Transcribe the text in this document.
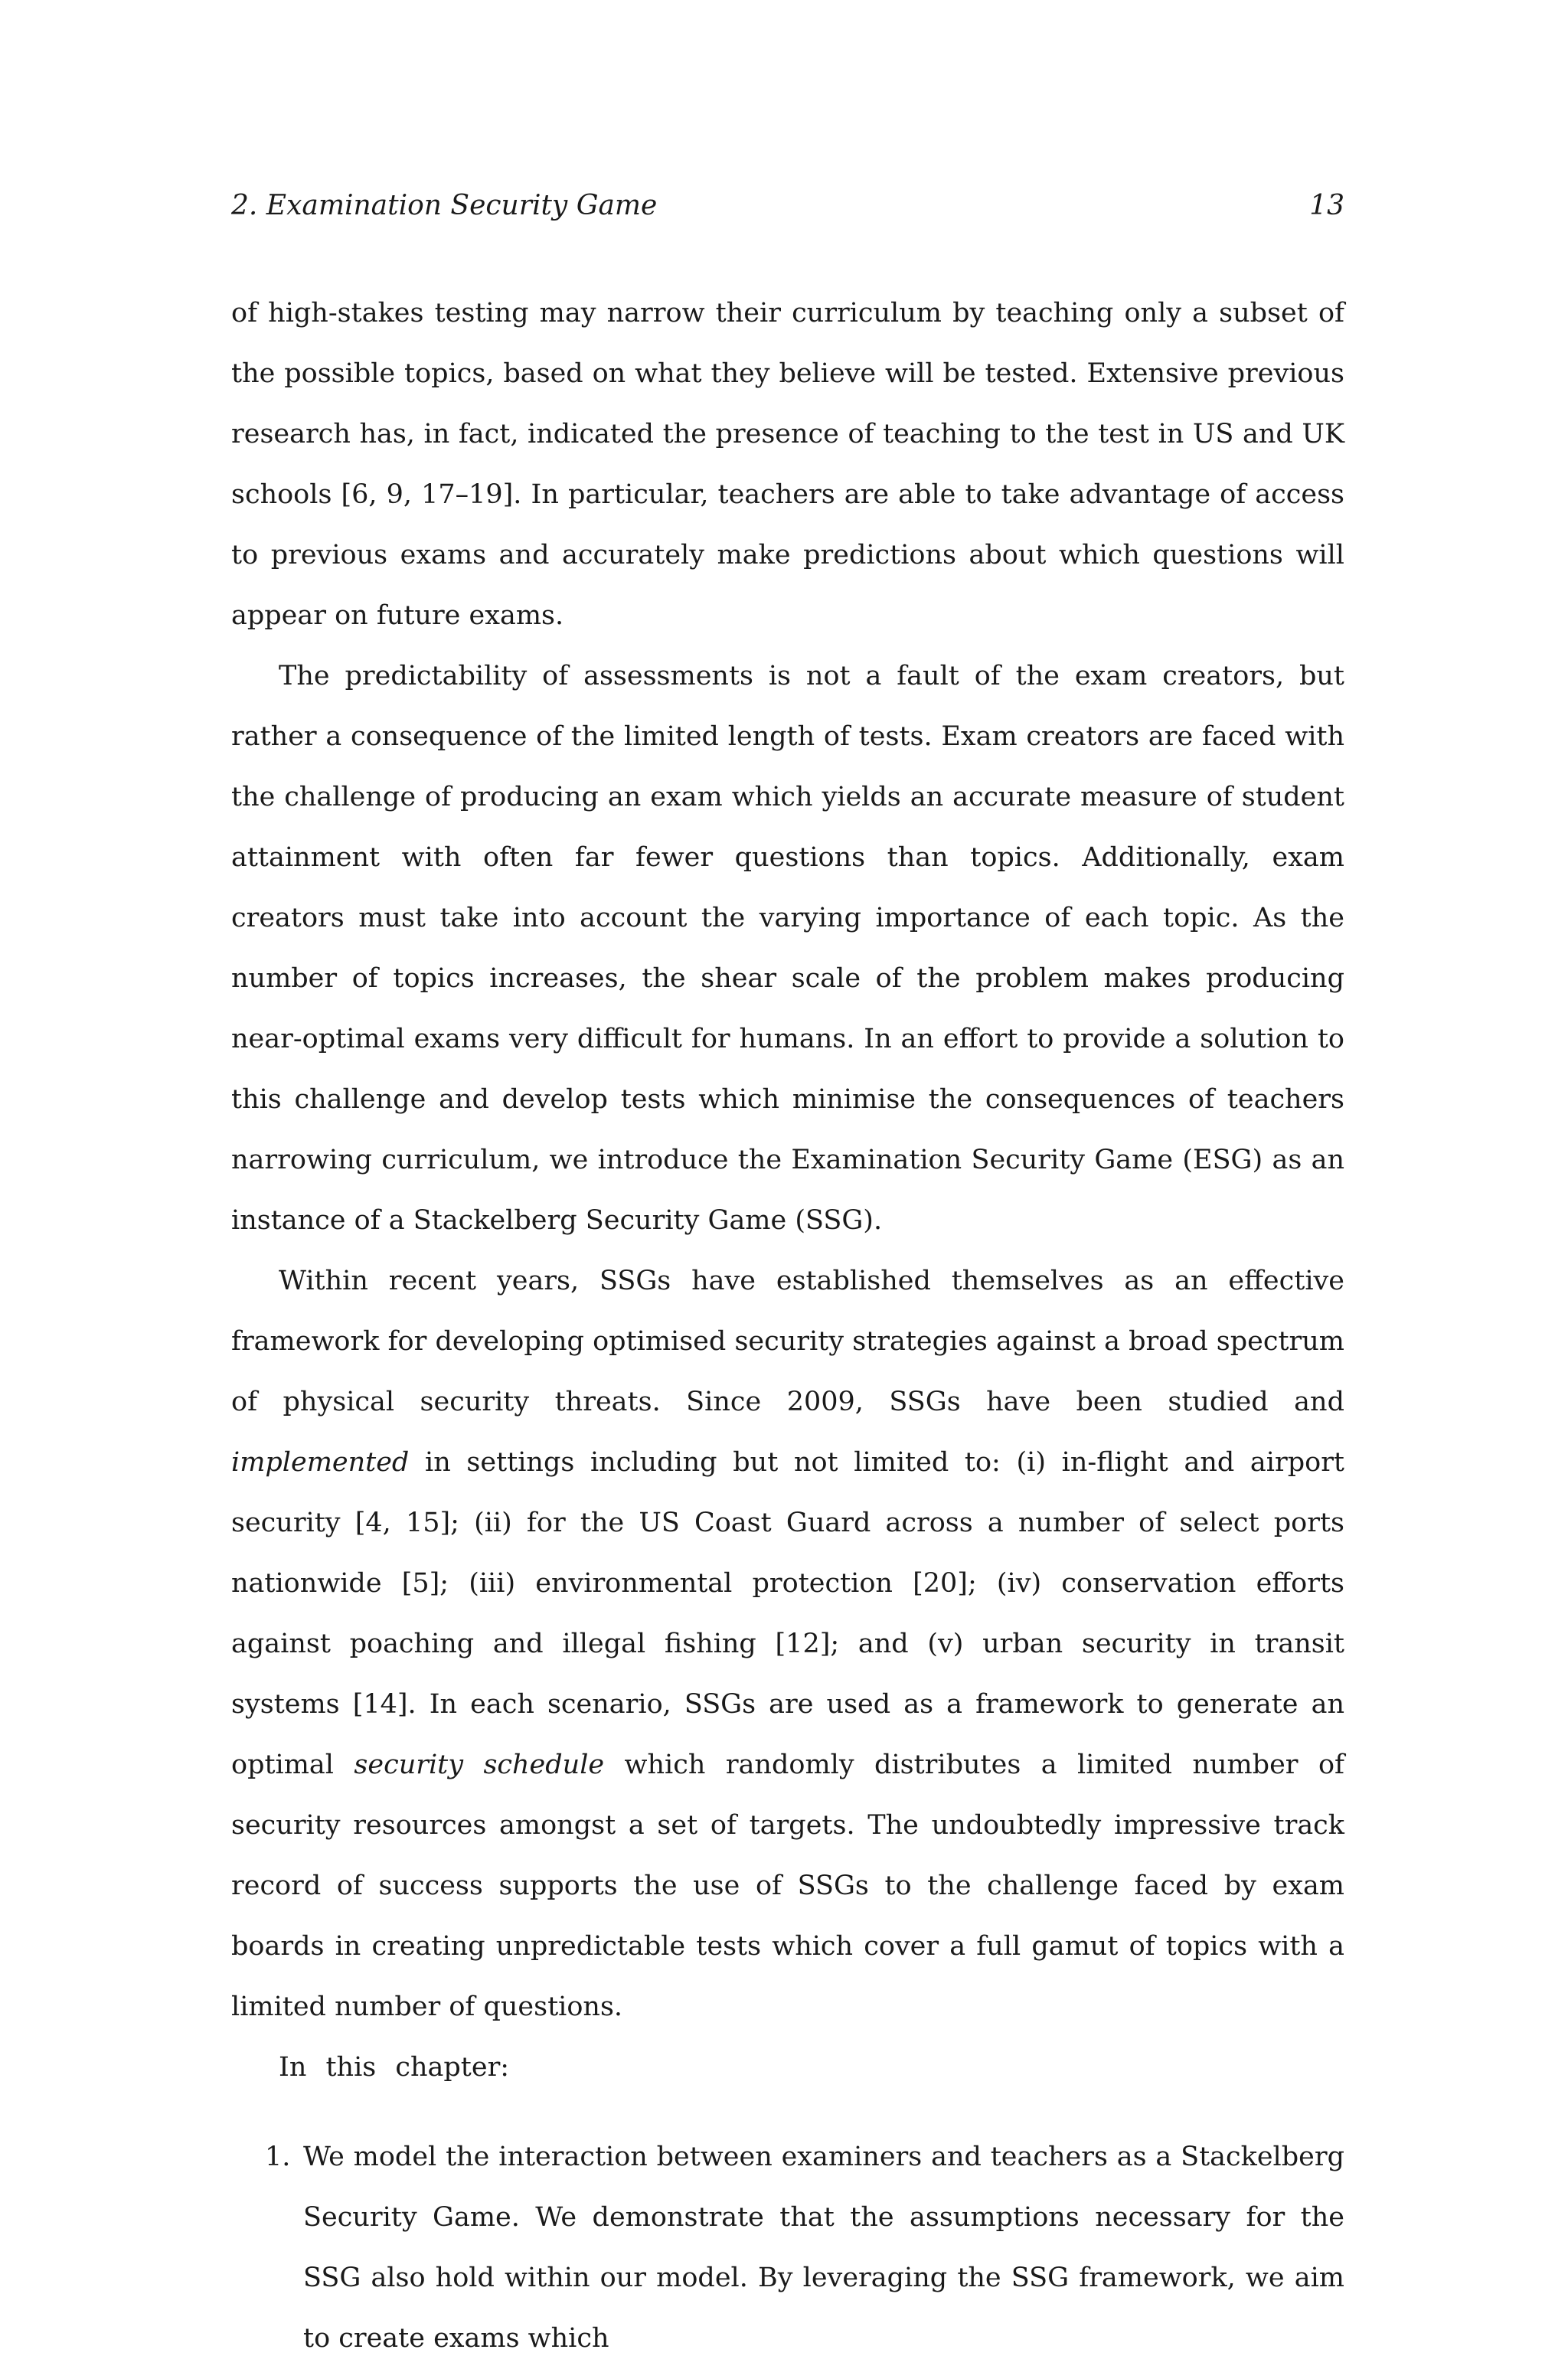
2. Examination Security Game	13

of high-stakes testing may narrow their curriculum by teaching only a subset of the possible topics, based on what they believe will be tested. Extensive previous research has, in fact, indicated the presence of teaching to the test in US and UK schools [6, 9, 17–19]. In particular, teachers are able to take advantage of access to previous exams and accurately make predictions about which questions will appear on future exams.

The predictability of assessments is not a fault of the exam creators, but rather a consequence of the limited length of tests. Exam creators are faced with the challenge of producing an exam which yields an accurate measure of student attainment with often far fewer questions than topics. Additionally, exam creators must take into account the varying importance of each topic. As the number of topics increases, the shear scale of the problem makes producing near-optimal exams very difficult for humans. In an effort to provide a solution to this challenge and develop tests which minimise the consequences of teachers narrowing curriculum, we introduce the Examination Security Game (ESG) as an instance of a Stackelberg Security Game (SSG).

Within recent years, SSGs have established themselves as an effective framework for developing optimised security strategies against a broad spectrum of physical security threats. Since 2009, SSGs have been studied and implemented in settings including but not limited to: (i) in-flight and airport security [4, 15]; (ii) for the US Coast Guard across a number of select ports nationwide [5]; (iii) environmental protection [20]; (iv) conservation efforts against poaching and illegal fishing [12]; and (v) urban security in transit systems [14]. In each scenario, SSGs are used as a framework to generate an optimal security schedule which randomly distributes a limited number of security resources amongst a set of targets. The undoubtedly impressive track record of success supports the use of SSGs to the challenge faced by exam boards in creating unpredictable tests which cover a full gamut of topics with a limited number of questions.

In this chapter:

1. We model the interaction between examiners and teachers as a Stackelberg Security Game. We demonstrate that the assumptions necessary for the SSG also hold within our model. By leveraging the SSG framework, we aim to create exams which
